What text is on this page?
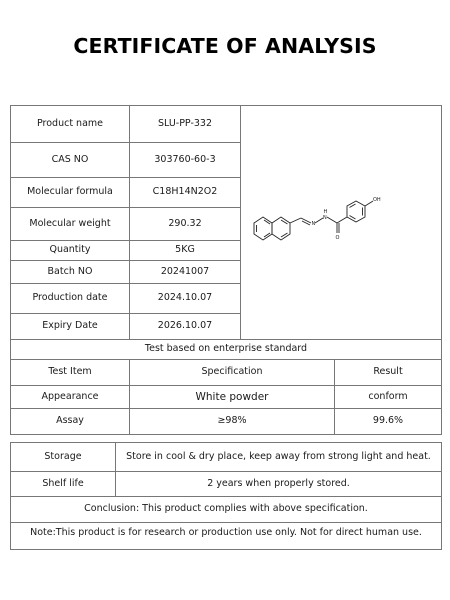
CERTIFICATE OF ANALYSIS
Product name	SLU-PP-332	N
N
H
O
OH	

CAS NO	303760-60-3		
Molecular formula	C18H14N2O2		
Molecular weight	290.32		
Quantity	5KG		
Batch NO	20241007		
Production date	2024.10.07		
Expiry Date	2026.10.07		
Test based on enterprise standard			
Test Item	Specification		Result
Appearance	White powder		conform
Assay	≥98%		99.6%
Storage	Store in cool & dry place, keep away from strong light and heat.
Shelf life	2 years when properly stored.
Conclusion: This product complies with above specification.	
Note:This product is for research or production use only. Not for direct human use.	
